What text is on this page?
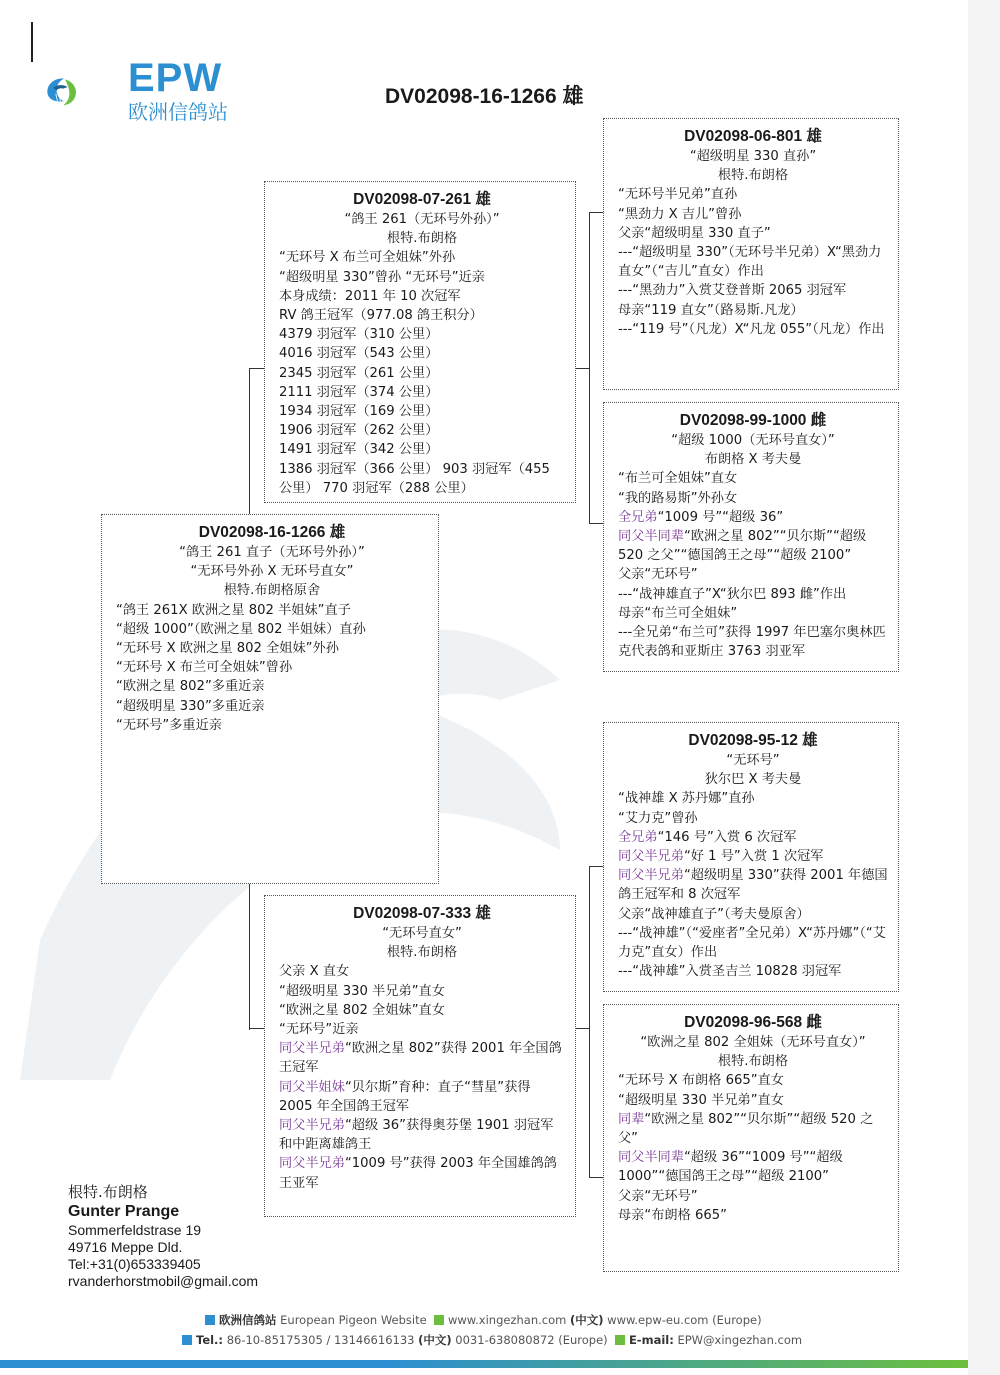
EPW
欧洲信鸽站
DV02098-16-1266 雄
DV02098-16-1266 雄
“鸽王 261 直子（无环号外孙）”
“无环号外孙 X 无环号直女”
根特.布朗格原舍
“鸽王 261X 欧洲之星 802 半姐妹”直子
“超级 1000”（欧洲之星 802 半姐妹）直孙
“无环号 X 欧洲之星 802 全姐妹”外孙
“无环号 X 布兰可全姐妹”曾孙
“欧洲之星 802”多重近亲
“超级明星 330”多重近亲
“无环号”多重近亲
DV02098-07-261 雄
“鸽王 261（无环号外孙）”
根特.布朗格
“无环号 X 布兰可全姐妹”外孙
“超级明星 330”曾孙 “无环号”近亲
本身成绩：2011 年 10 次冠军
RV 鸽王冠军（977.08 鸽王积分）
4379 羽冠军（310 公里）
4016 羽冠军（543 公里）
2345 羽冠军（261 公里）
2111 羽冠军（374 公里）
1934 羽冠军（169 公里）
1906 羽冠军（262 公里）
1491 羽冠军（342 公里）
1386 羽冠军（366 公里） 903 羽冠军（455 公里） 770 羽冠军（288 公里）
DV02098-07-333 雄
“无环号直女”
根特.布朗格
父亲 X 直女
“超级明星 330 半兄弟”直女
“欧洲之星 802 全姐妹”直女
“无环号”近亲
同父半兄弟“欧洲之星 802”获得 2001 年全国鸽王冠军
同父半姐妹“贝尔斯”育种：直子“彗星”获得 2005 年全国鸽王冠军
同父半兄弟“超级 36”获得奥芬堡 1901 羽冠军和中距离雄鸽王
同父半兄弟“1009 号”获得 2003 年全国雄鸽鸽王亚军
DV02098-06-801 雄
“超级明星 330 直孙”
根特.布朗格
“无环号半兄弟”直孙
“黑劲力 X 吉儿”曾孙
父亲“超级明星 330 直子”
---“超级明星 330”（无环号半兄弟）X“黑劲力直女”（“吉儿”直女）作出
---“黑劲力”入赏艾登普斯 2065 羽冠军
母亲“119 直女”（路易斯.凡龙）
---“119 号”（凡龙）X“凡龙 055”（凡龙）作出
DV02098-99-1000 雌
“超级 1000（无环号直女）”
布朗格 X 考夫曼
“布兰可全姐妹”直女
“我的路易斯”外孙女
全兄弟“1009 号”“超级 36”
同父半同辈“欧洲之星 802”“贝尔斯”“超级 520 之父”“德国鸽王之母”“超级 2100”
父亲“无环号”
---“战神雄直子”X“狄尔巴 893 雌”作出
母亲“布兰可全姐妹”
---全兄弟“布兰可”获得 1997 年巴塞尔奥林匹克代表鸽和亚斯庄 3763 羽亚军
DV02098-95-12 雄
“无环号”
狄尔巴 X 考夫曼
“战神雄 X 苏丹娜”直孙
“艾力克”曾孙
全兄弟“146 号”入赏 6 次冠军
同父半兄弟“好 1 号”入赏 1 次冠军
同父半兄弟“超级明星 330”获得 2001 年德国鸽王冠军和 8 次冠军
父亲“战神雄直子”（考夫曼原舍）
---“战神雄”（“爱座者”全兄弟）X“苏丹娜”（“艾力克”直女）作出
---“战神雄”入赏圣吉兰 10828 羽冠军
DV02098-96-568 雌
“欧洲之星 802 全姐妹（无环号直女）”
根特.布朗格
“无环号 X 布朗格 665”直女
“超级明星 330 半兄弟”直女
同辈“欧洲之星 802”“贝尔斯”“超级 520 之父”
同父半同辈“超级 36”“1009 号”“超级 1000”“德国鸽王之母”“超级 2100”
父亲“无环号”
母亲“布朗格 665”
根特.布朗格
Gunter Prange
Sommerfeldstrase 19
49716 Meppe Dld.
Tel:+31(0)653339405
rvanderhorstmobil@gmail.com
欧洲信鸽站 European Pigeon Website www.xingezhan.com (中文) www.epw-eu.com (Europe)
Tel.: 86-10-85175305 / 13146616133 (中文) 0031-638080872 (Europe) E-mail: EPW@xingezhan.com
